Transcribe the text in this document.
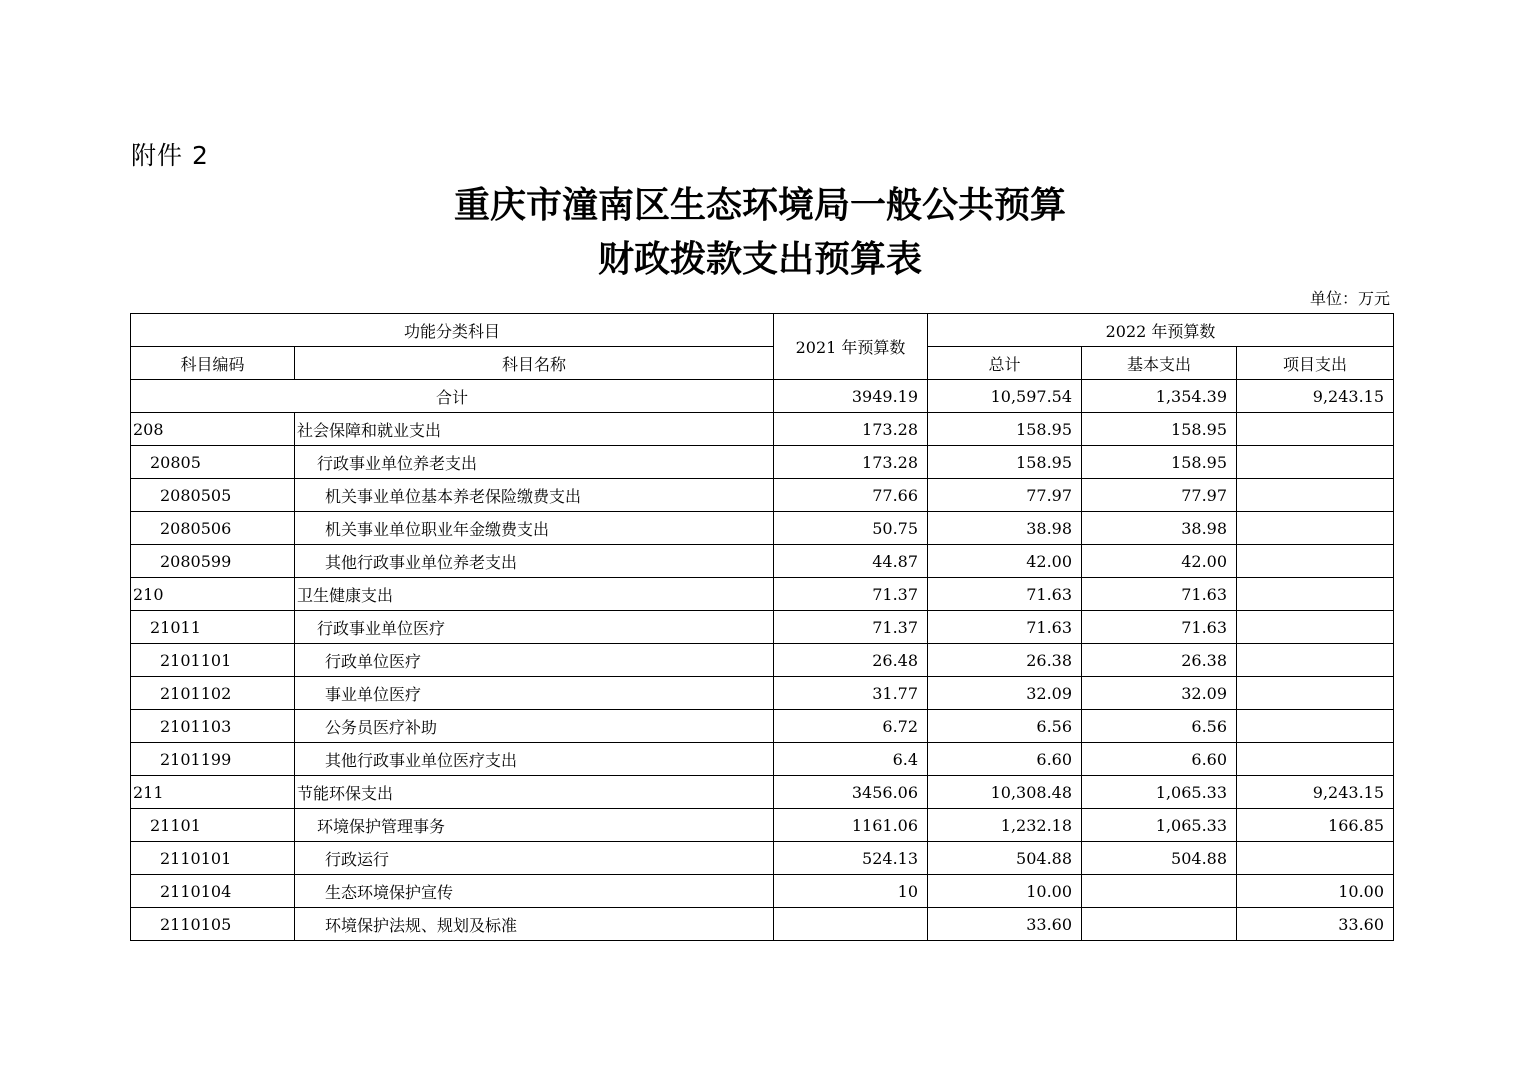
附件 2
重庆市潼南区生态环境局一般公共预算
财政拨款支出预算表
单位：万元
功能分类科目		2021 年预算数	2022 年预算数		
科目编码	科目名称		总计	基本支出	项目支出
合计		3949.19	10,597.54	1,354.39	9,243.15
208	社会保障和就业支出	173.28	158.95	158.95	
20805	行政事业单位养老支出	173.28	158.95	158.95	
2080505	机关事业单位基本养老保险缴费支出	77.66	77.97	77.97	
2080506	机关事业单位职业年金缴费支出	50.75	38.98	38.98	
2080599	其他行政事业单位养老支出	44.87	42.00	42.00	
210	卫生健康支出	71.37	71.63	71.63	
21011	行政事业单位医疗	71.37	71.63	71.63	
2101101	行政单位医疗	26.48	26.38	26.38	
2101102	事业单位医疗	31.77	32.09	32.09	
2101103	公务员医疗补助	6.72	6.56	6.56	
2101199	其他行政事业单位医疗支出	6.4	6.60	6.60	
211	节能环保支出	3456.06	10,308.48	1,065.33	9,243.15
21101	环境保护管理事务	1161.06	1,232.18	1,065.33	166.85
2110101	行政运行	524.13	504.88	504.88	
2110104	生态环境保护宣传	10	10.00		10.00
2110105	环境保护法规、规划及标准		33.60		33.60
